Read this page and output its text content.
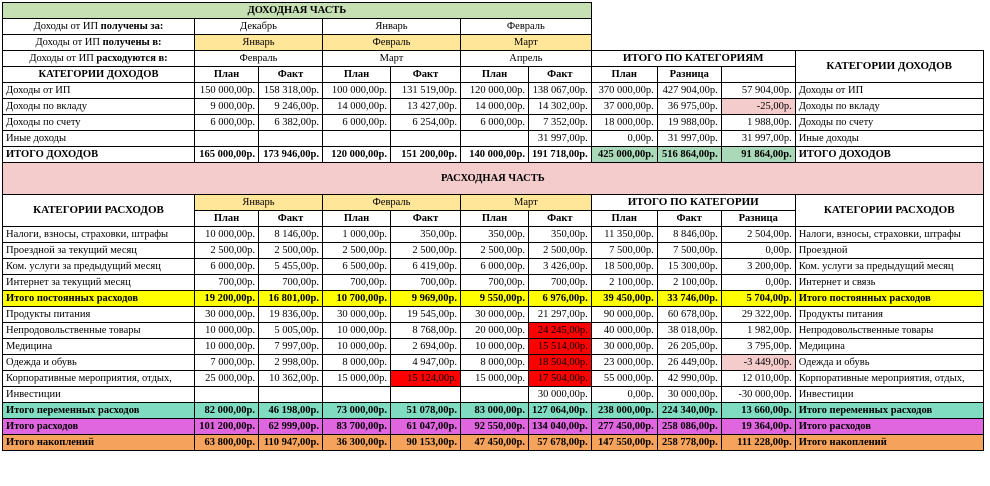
ДОХОДНАЯ ЧАСТЬ										
Доходы от ИП получены за:	Декабрь		Январь		Февраль					
Доходы от ИП получены в:	Январь		Февраль		Март					
Доходы от ИП расходуются в:	Февраль		Март		Апрель		ИТОГО ПО КАТЕГОРИЯМ			КАТЕГОРИИ ДОХОДОВ
КАТЕГОРИИ ДОХОДОВ	План	Факт	План	Факт	План	Факт	План	Разница		
Доходы от ИП	150 000,00р.	158 318,00р.	100 000,00р.	131 519,00р.	120 000,00р.	138 067,00р.	370 000,00р.	427 904,00р.	57 904,00р.	Доходы от ИП
Доходы по вкладу	9 000,00р.	9 246,00р.	14 000,00р.	13 427,00р.	14 000,00р.	14 302,00р.	37 000,00р.	36 975,00р.	-25,00р.	Доходы по вкладу
Доходы по счету	6 000,00р.	6 382,00р.	6 000,00р.	6 254,00р.	6 000,00р.	7 352,00р.	18 000,00р.	19 988,00р.	1 988,00р.	Доходы по счету
Иные доходы						31 997,00р.	0,00р.	31 997,00р.	31 997,00р.	Иные доходы
ИТОГО ДОХОДОВ	165 000,00р.	173 946,00р.	120 000,00р.	151 200,00р.	140 000,00р.	191 718,00р.	425 000,00р.	516 864,00р.	91 864,00р.	ИТОГО ДОХОДОВ
РАСХОДНАЯ ЧАСТЬ										
КАТЕГОРИИ РАСХОДОВ	Январь		Февраль		Март		ИТОГО ПО КАТЕГОРИИ			КАТЕГОРИИ РАСХОДОВ
	План	Факт	План	Факт	План	Факт	План	Факт	Разница	
Налоги, взносы, страховки, штрафы	10 000,00р.	8 146,00р.	1 000,00р.	350,00р.	350,00р.	350,00р.	11 350,00р.	8 846,00р.	2 504,00р.	Налоги, взносы, страховки, штрафы
Проездной за текущий месяц	2 500,00р.	2 500,00р.	2 500,00р.	2 500,00р.	2 500,00р.	2 500,00р.	7 500,00р.	7 500,00р.	0,00р.	Проездной
Ком. услуги за предыдущий месяц	6 000,00р.	5 455,00р.	6 500,00р.	6 419,00р.	6 000,00р.	3 426,00р.	18 500,00р.	15 300,00р.	3 200,00р.	Ком. услуги за предыдущий месяц
Интернет за текущий месяц	700,00р.	700,00р.	700,00р.	700,00р.	700,00р.	700,00р.	2 100,00р.	2 100,00р.	0,00р.	Интернет и связь
Итого постоянных расходов	19 200,00р.	16 801,00р.	10 700,00р.	9 969,00р.	9 550,00р.	6 976,00р.	39 450,00р.	33 746,00р.	5 704,00р.	Итого постоянных расходов
Продукты питания	30 000,00р.	19 836,00р.	30 000,00р.	19 545,00р.	30 000,00р.	21 297,00р.	90 000,00р.	60 678,00р.	29 322,00р.	Продукты питания
Непродовольственные товары	10 000,00р.	5 005,00р.	10 000,00р.	8 768,00р.	20 000,00р.	24 245,00р.	40 000,00р.	38 018,00р.	1 982,00р.	Непродовольственные товары
Медицина	10 000,00р.	7 997,00р.	10 000,00р.	2 694,00р.	10 000,00р.	15 514,00р.	30 000,00р.	26 205,00р.	3 795,00р.	Медицина
Одежда и обувь	7 000,00р.	2 998,00р.	8 000,00р.	4 947,00р.	8 000,00р.	18 504,00р.	23 000,00р.	26 449,00р.	-3 449,00р.	Одежда и обувь
Корпоративные мероприятия, отдых,	25 000,00р.	10 362,00р.	15 000,00р.	15 124,00р.	15 000,00р.	17 504,00р.	55 000,00р.	42 990,00р.	12 010,00р.	Корпоративные мероприятия, отдых,
Инвестиции						30 000,00р.	0,00р.	30 000,00р.	-30 000,00р.	Инвестиции
Итого переменных расходов	82 000,00р.	46 198,00р.	73 000,00р.	51 078,00р.	83 000,00р.	127 064,00р.	238 000,00р.	224 340,00р.	13 660,00р.	Итого переменных расходов
Итого расходов	101 200,00р.	62 999,00р.	83 700,00р.	61 047,00р.	92 550,00р.	134 040,00р.	277 450,00р.	258 086,00р.	19 364,00р.	Итого расходов
Итого накоплений	63 800,00р.	110 947,00р.	36 300,00р.	90 153,00р.	47 450,00р.	57 678,00р.	147 550,00р.	258 778,00р.	111 228,00р.	Итого накоплений
